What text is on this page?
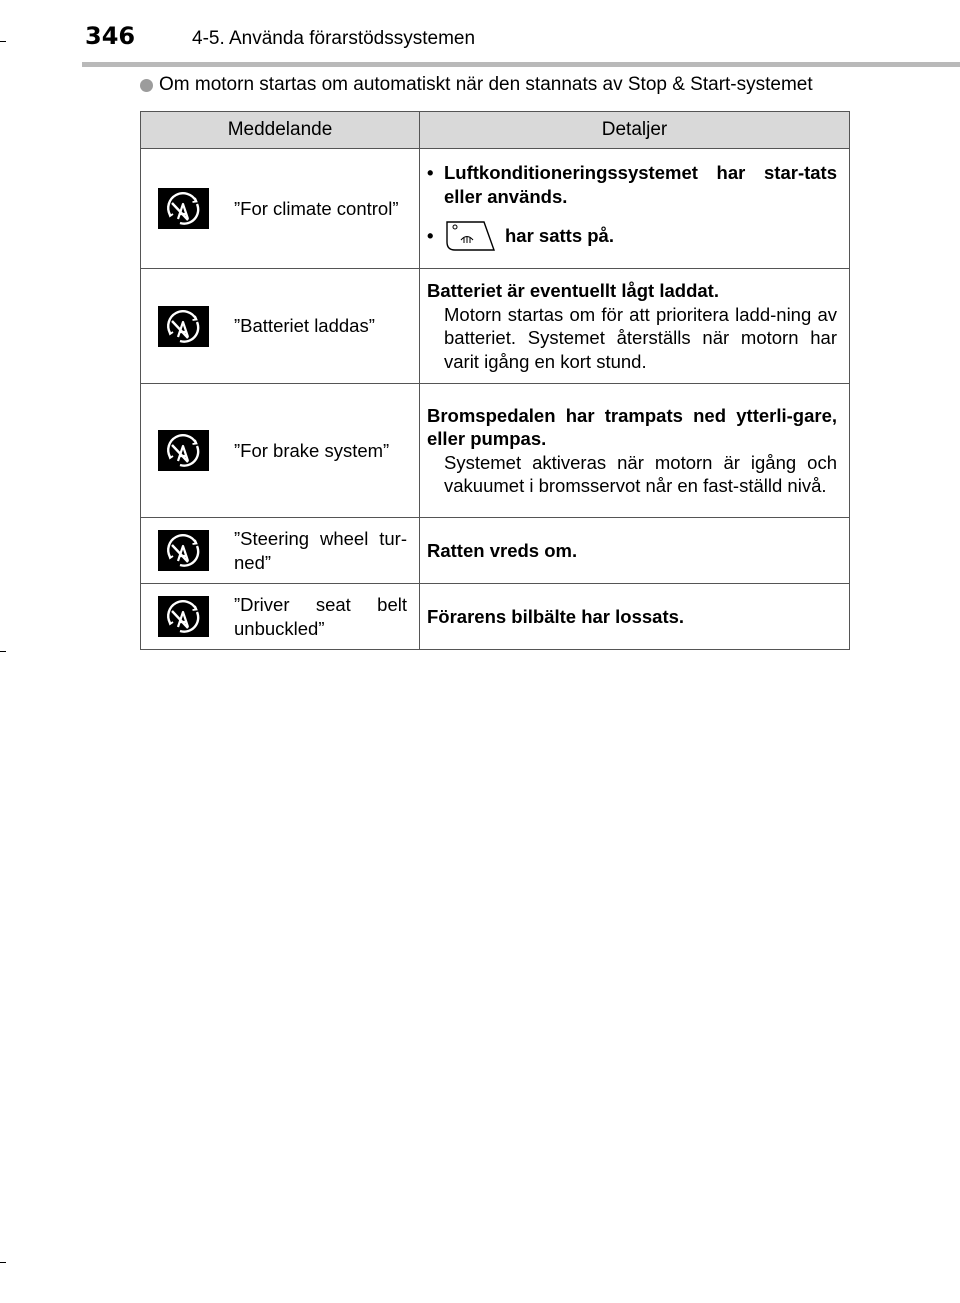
346	4-5. Använda förarstödssystemen
Om motorn startas om automatiskt när den stannats av Stop & Start-systemet
Meddelande	Detaljer

”For climate control”	• Luftkonditioneringssystemet har star-tats eller används.
• har satts på.

”Batteriet laddas”	Batteriet är eventuellt lågt laddat.
Motorn startas om för att prioritera ladd-ning av batteriet. Systemet återställs när motorn har varit igång en kort stund.

”For brake system”	Bromspedalen har trampats ned ytterli-gare, eller pumpas.
Systemet aktiveras när motorn är igång och vakuumet i bromsservot når en fast-ställd nivå.

”Steering wheel tur-ned”	Ratten vreds om.

”Driver seat belt unbuckled”	Förarens bilbälte har lossats.
